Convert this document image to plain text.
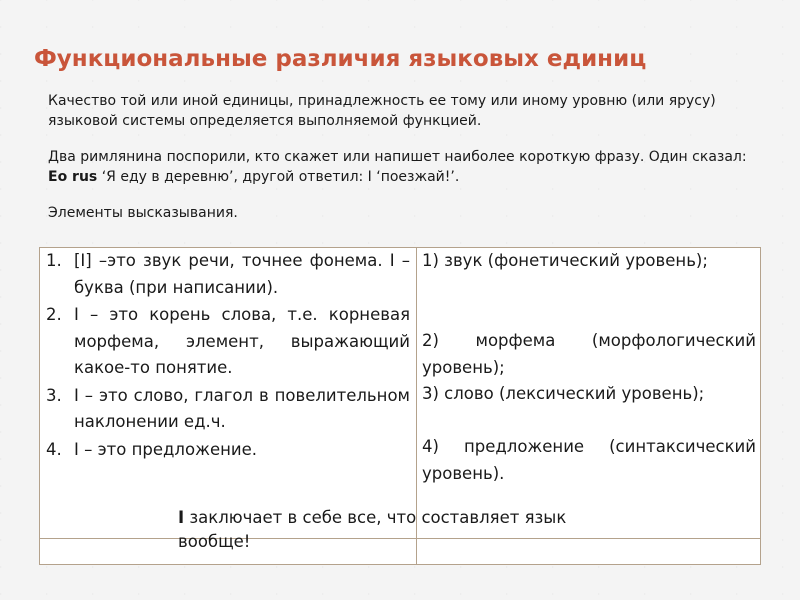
Функциональные различия языковых единиц

Качество той или иной единицы, принадлежность ее тому или иному уровню (или ярусу) языковой системы определяется выполняемой функцией.

Два римлянина поспорили, кто скажет или напишет наиболее короткую фразу. Один сказал: Eo rus ‘Я еду в деревню’, другой ответил: I ‘поезжай!’.

Элементы высказывания.

1. [I] –это звук речи, точнее фонема. I – буква (при написании).
2. I – это корень слова, т.е. корневая морфема, элемент, выражающий какое-то понятие.
3. I – это слово, глагол в повелительном наклонении ед.ч.
4. I – это предложение.
1) звук (фонетический уровень);
2) морфема (морфологический уровень);
3) слово (лексический уровень);
4) предложение (синтаксический уровень).
I заключает в себе все, что составляет язык вообще!
